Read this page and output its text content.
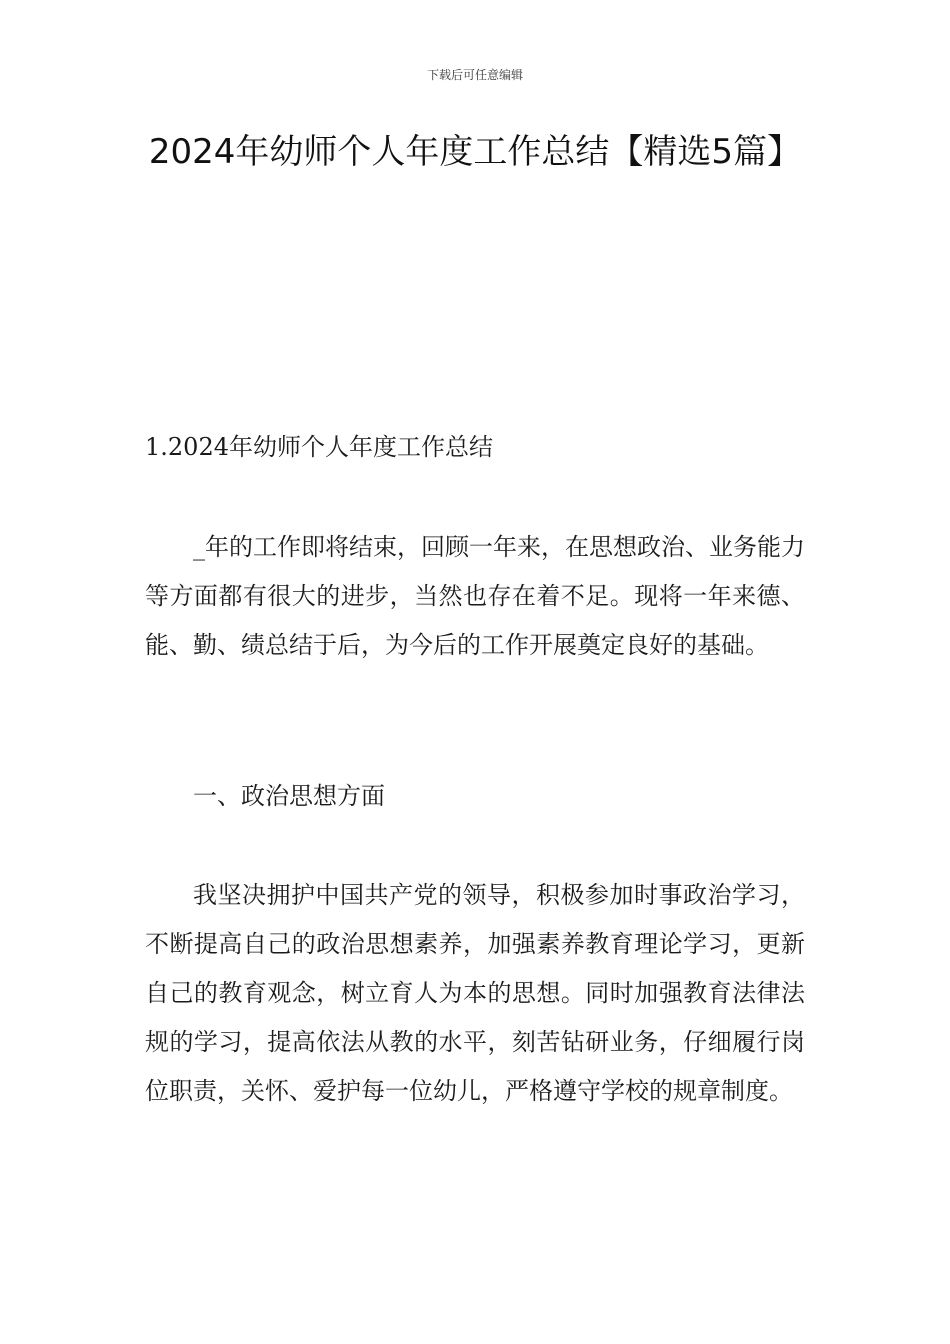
下载后可任意编辑
2024年幼师个人年度工作总结【精选5篇】

1.2024年幼师个人年度工作总结

_年的工作即将结束，回顾一年来，在思想政治、业务能力等方面都有很大的进步，当然也存在着不足。现将一年来德、能、勤、绩总结于后，为今后的工作开展奠定良好的基础。

一、政治思想方面

我坚决拥护中国共产党的领导，积极参加时事政治学习，不断提高自己的政治思想素养，加强素养教育理论学习，更新自己的教育观念，树立育人为本的思想。同时加强教育法律法规的学习，提高依法从教的水平，刻苦钻研业务，仔细履行岗位职责，关怀、爱护每一位幼儿，严格遵守学校的规章制度。
